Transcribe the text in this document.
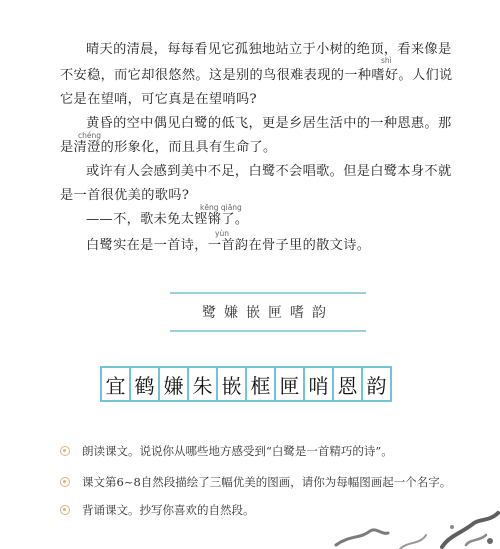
shì
晴天的清晨，每每看见它孤独地站立于小树的绝顶，看来像是
不安稳，而它却很悠然。这是别的鸟很难表现的一种嗜好。人们说
它是在望哨，可它真是在望哨吗?
黄昏的空中偶见白鹭的低飞，更是乡居生活中的一种恩惠。那
chéng
是清澄的形象化，而且具有生命了。
或许有人会感到美中不足，白鹭不会唱歌。但是白鹭本身不就
是一首很优美的歌吗?
kēng qiāng
——不，歌未免太铿锵了。
yùn
白鹭实在是一首诗，一首韵在骨子里的散文诗。
鹭嫌嵌匣嗜韵
宜 鹤 嫌 朱 嵌 框 匣 哨 恩 韵
朗读课文。说说你从哪些地方感受到“白鹭是一首精巧的诗”。
课文第6~8自然段描绘了三幅优美的图画，请你为每幅图画起一个名字。
背诵课文。抄写你喜欢的自然段。
